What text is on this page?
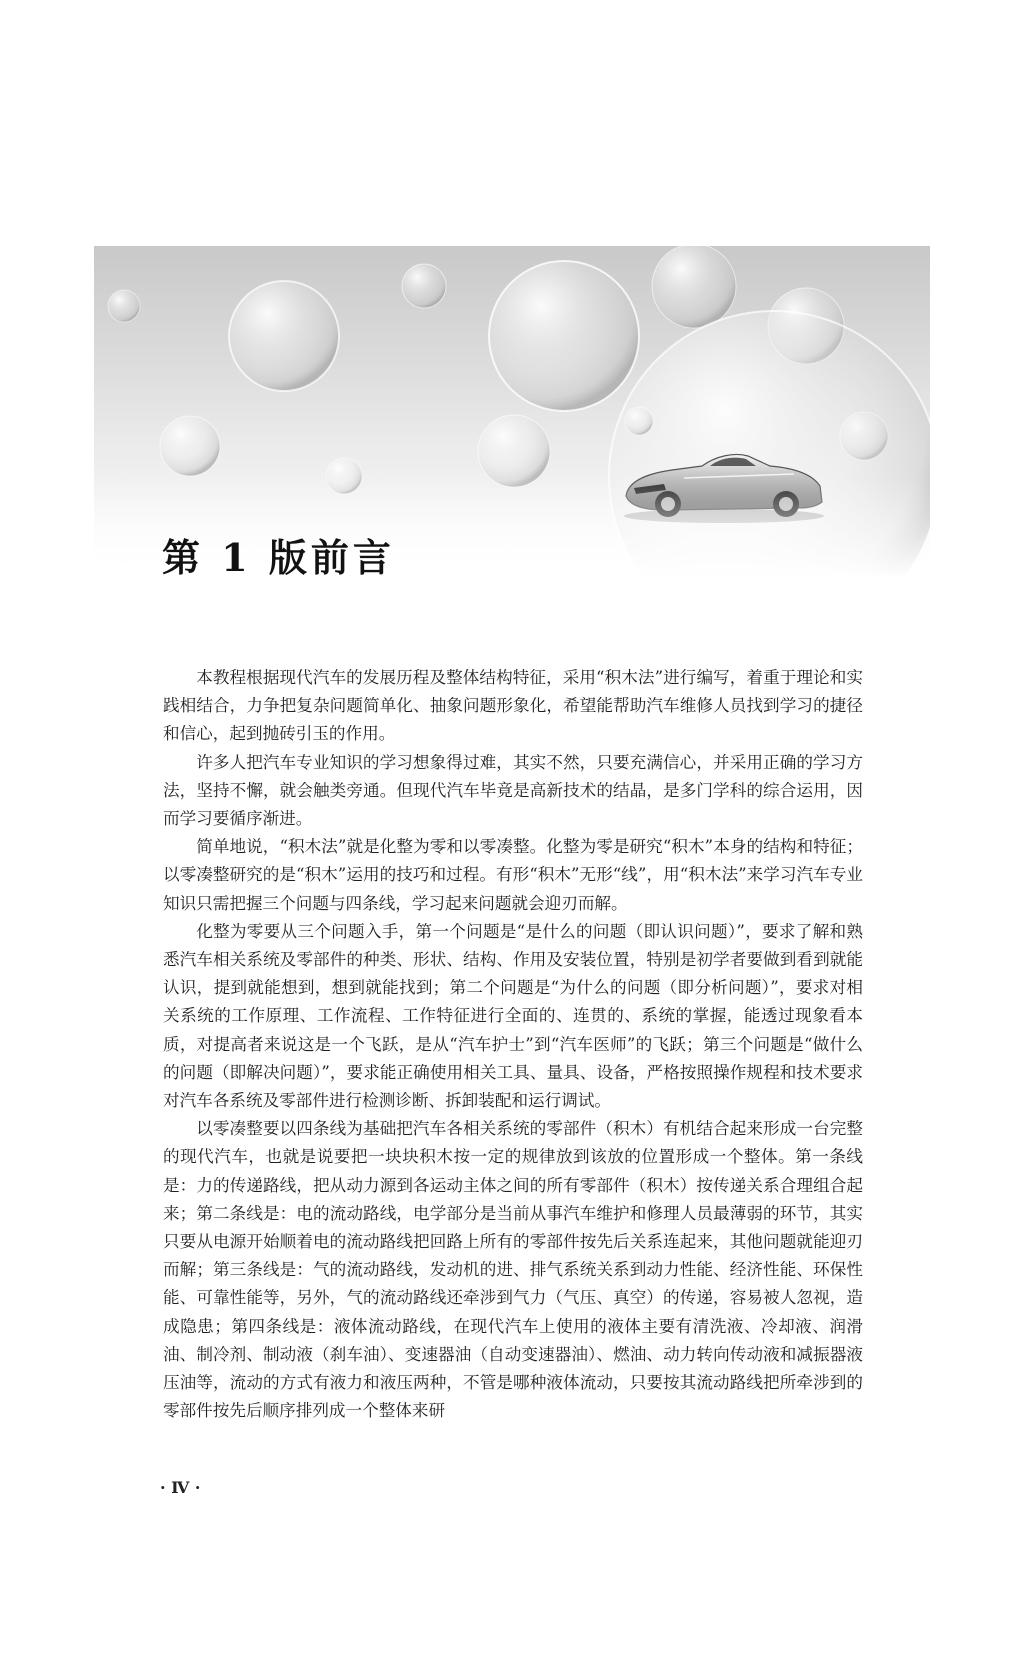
第 1 版前言

本教程根据现代汽车的发展历程及整体结构特征，采用“积木法”进行编写，着重于理论和实践相结合，力争把复杂问题简单化、抽象问题形象化，希望能帮助汽车维修人员找到学习的捷径和信心，起到抛砖引玉的作用。

许多人把汽车专业知识的学习想象得过难，其实不然，只要充满信心，并采用正确的学习方法，坚持不懈，就会触类旁通。但现代汽车毕竟是高新技术的结晶，是多门学科的综合运用，因而学习要循序渐进。

简单地说，“积木法”就是化整为零和以零凑整。化整为零是研究“积木”本身的结构和特征；以零凑整研究的是“积木”运用的技巧和过程。有形“积木”无形“线”，用“积木法”来学习汽车专业知识只需把握三个问题与四条线，学习起来问题就会迎刃而解。

化整为零要从三个问题入手，第一个问题是“是什么的问题（即认识问题）”，要求了解和熟悉汽车相关系统及零部件的种类、形状、结构、作用及安装位置，特别是初学者要做到看到就能认识，提到就能想到，想到就能找到；第二个问题是“为什么的问题（即分析问题）”，要求对相关系统的工作原理、工作流程、工作特征进行全面的、连贯的、系统的掌握，能透过现象看本质，对提高者来说这是一个飞跃，是从“汽车护士”到“汽车医师”的飞跃；第三个问题是“做什么的问题（即解决问题）”，要求能正确使用相关工具、量具、设备，严格按照操作规程和技术要求对汽车各系统及零部件进行检测诊断、拆卸装配和运行调试。

以零凑整要以四条线为基础把汽车各相关系统的零部件（积木）有机结合起来形成一台完整的现代汽车，也就是说要把一块块积木按一定的规律放到该放的位置形成一个整体。第一条线是：力的传递路线，把从动力源到各运动主体之间的所有零部件（积木）按传递关系合理组合起来；第二条线是：电的流动路线，电学部分是当前从事汽车维护和修理人员最薄弱的环节，其实只要从电源开始顺着电的流动路线把回路上所有的零部件按先后关系连起来，其他问题就能迎刃而解；第三条线是：气的流动路线，发动机的进、排气系统关系到动力性能、经济性能、环保性能、可靠性能等，另外，气的流动路线还牵涉到气力（气压、真空）的传递，容易被人忽视，造成隐患；第四条线是：液体流动路线，在现代汽车上使用的液体主要有清洗液、冷却液、润滑油、制冷剂、制动液（刹车油）、变速器油（自动变速器油）、燃油、动力转向传动液和减振器液压油等，流动的方式有液力和液压两种，不管是哪种液体流动，只要按其流动路线把所牵涉到的零部件按先后顺序排列成一个整体来研

· Ⅳ ·
